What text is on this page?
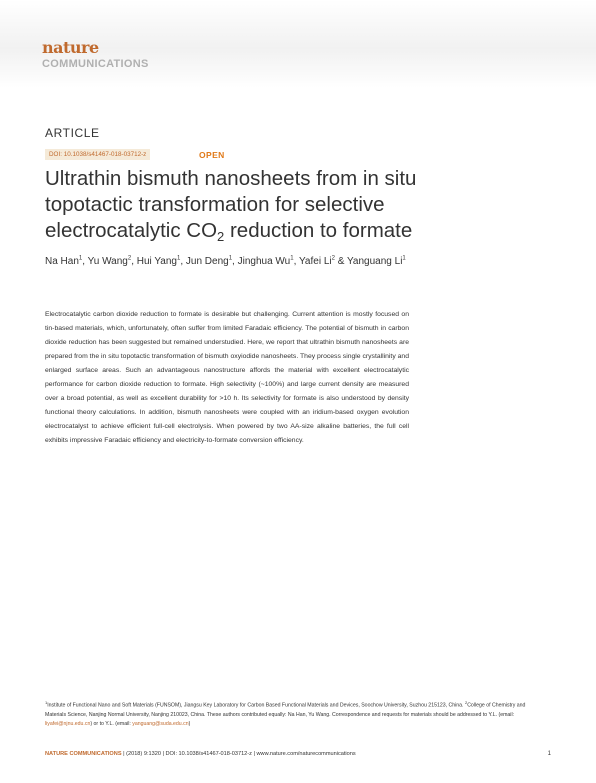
nature
COMMUNICATIONS
ARTICLE
DOI: 10.1038/s41467-018-03712-z	OPEN
Ultrathin bismuth nanosheets from in situ topotactic transformation for selective electrocatalytic CO2 reduction to formate
Na Han$^1$, Yu Wang$^2$, Hui Yang$^1$, Jun Deng$^1$, Jinghua Wu$^1$, Yafei Li$^2$ & Yanguang Li$^1$
Electrocatalytic carbon dioxide reduction to formate is desirable but challenging. Current attention is mostly focused on tin-based materials, which, unfortunately, often suffer from limited Faradaic efficiency. The potential of bismuth in carbon dioxide reduction has been suggested but remained understudied. Here, we report that ultrathin bismuth nanosheets are prepared from the in situ topotactic transformation of bismuth oxyiodide nanosheets. They process single crystallinity and enlarged surface areas. Such an advantageous nanostructure affords the material with excellent electrocatalytic performance for carbon dioxide reduction to formate. High selectivity (~100%) and large current density are measured over a broad potential, as well as excellent durability for >10 h. Its selectivity for formate is also understood by density functional theory calculations. In addition, bismuth nanosheets were coupled with an iridium-based oxygen evolution electrocatalyst to achieve efficient full-cell electrolysis. When powered by two AA-size alkaline batteries, the full cell exhibits impressive Faradaic efficiency and electricity-to-formate conversion efficiency.
$^1$Institute of Functional Nano and Soft Materials (FUNSOM), Jiangsu Key Laboratory for Carbon Based Functional Materials and Devices, Soochow University, Suzhou 215123, China. $^2$College of Chemistry and Materials Science, Nanjing Normal University, Nanjing 210023, China. These authors contributed equally: Na Han, Yu Wang. Correspondence and requests for materials should be addressed to Y.L. (email: liyafei@njnu.edu.cn) or to Y.L. (email: yanguang@suda.edu.cn)
NATURE COMMUNICATIONS | (2018) 9:1320 | DOI: 10.1038/s41467-018-03712-z | www.nature.com/naturecommunications	1
